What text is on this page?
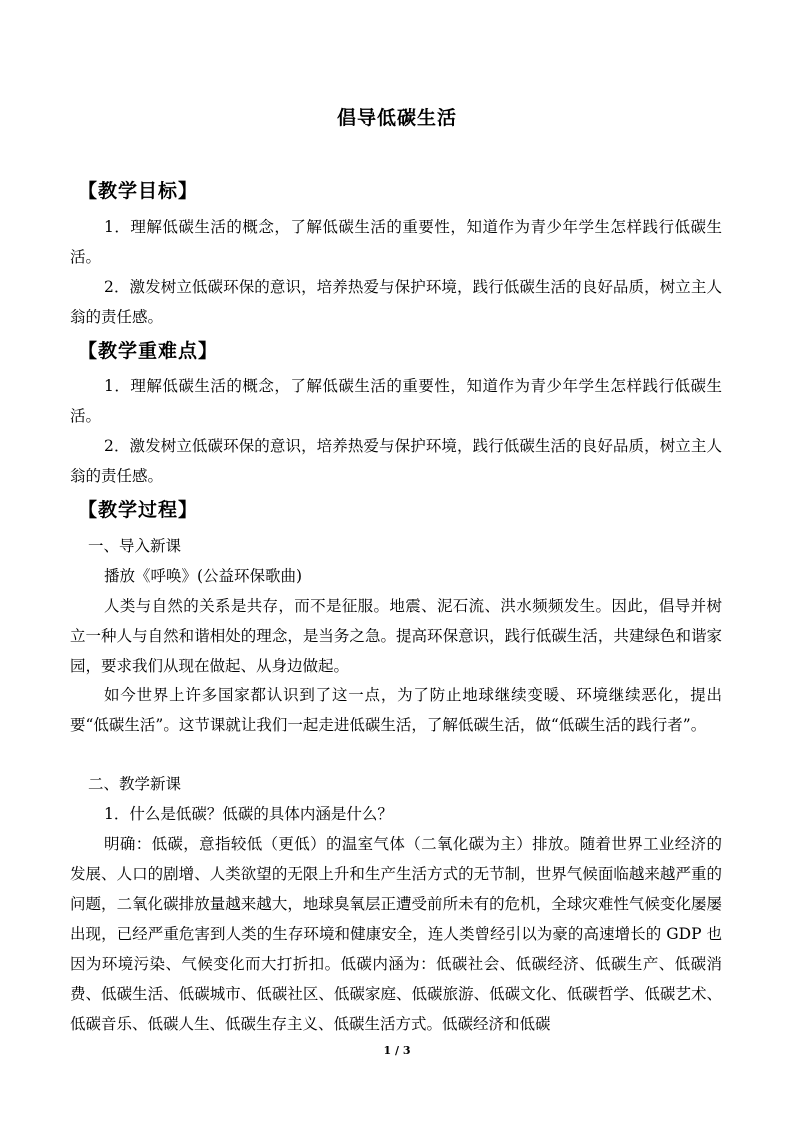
倡导低碳生活
【教学目标】
1．理解低碳生活的概念，了解低碳生活的重要性，知道作为青少年学生怎样践行低碳生活。
2．激发树立低碳环保的意识，培养热爱与保护环境，践行低碳生活的良好品质，树立主人翁的责任感。
【教学重难点】
1．理解低碳生活的概念，了解低碳生活的重要性，知道作为青少年学生怎样践行低碳生活。
2．激发树立低碳环保的意识，培养热爱与保护环境，践行低碳生活的良好品质，树立主人翁的责任感。
【教学过程】
一、导入新课
播放《呼唤》(公益环保歌曲)
人类与自然的关系是共存，而不是征服。地震、泥石流、洪水频频发生。因此，倡导并树立一种人与自然和谐相处的理念，是当务之急。提高环保意识，践行低碳生活，共建绿色和谐家园，要求我们从现在做起、从身边做起。
如今世界上许多国家都认识到了这一点，为了防止地球继续变暖、环境继续恶化，提出要“低碳生活”。这节课就让我们一起走进低碳生活，了解低碳生活，做“低碳生活的践行者”。
二、教学新课
1．什么是低碳？低碳的具体内涵是什么？
明确：低碳，意指较低（更低）的温室气体（二氧化碳为主）排放。随着世界工业经济的发展、人口的剧增、人类欲望的无限上升和生产生活方式的无节制，世界气候面临越来越严重的问题，二氧化碳排放量越来越大，地球臭氧层正遭受前所未有的危机，全球灾难性气候变化屡屡出现，已经严重危害到人类的生存环境和健康安全，连人类曾经引以为豪的高速增长的 GDP 也因为环境污染、气候变化而大打折扣。低碳内涵为：低碳社会、低碳经济、低碳生产、低碳消费、低碳生活、低碳城市、低碳社区、低碳家庭、低碳旅游、低碳文化、低碳哲学、低碳艺术、低碳音乐、低碳人生、低碳生存主义、低碳生活方式。低碳经济和低碳
1 / 3
